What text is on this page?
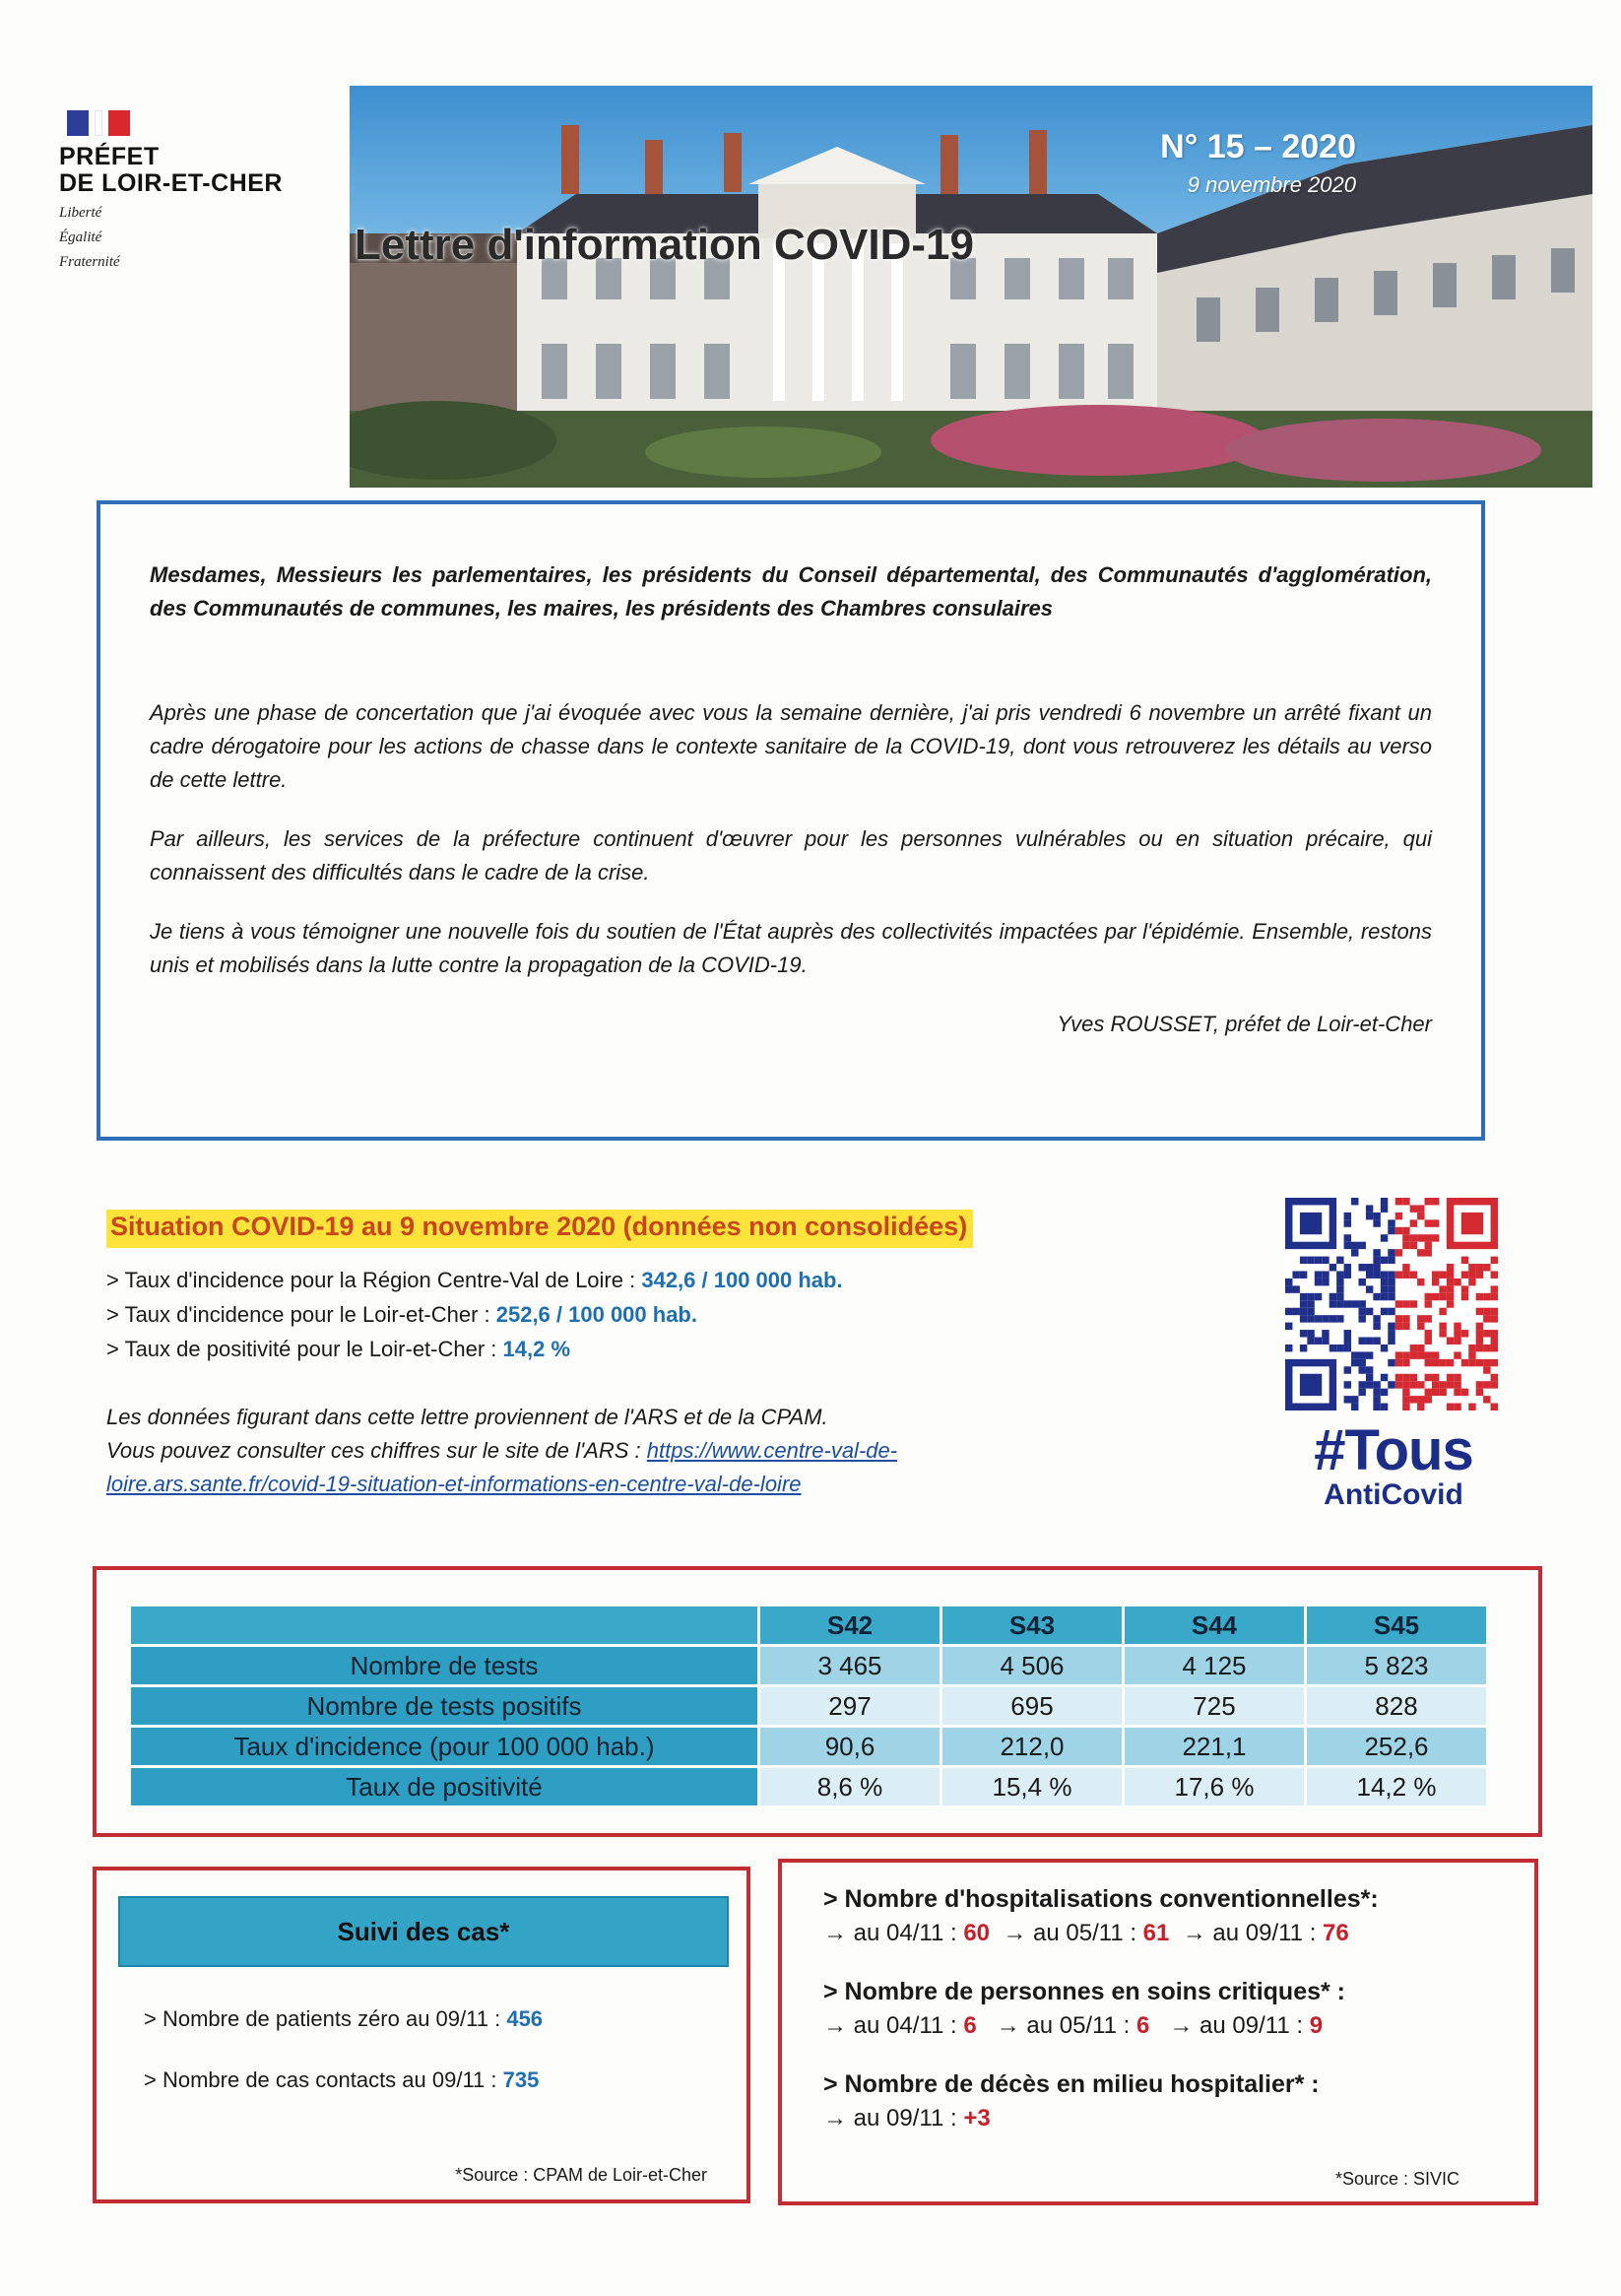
PRÉFET
DE LOIR-ET-CHER
Liberté
Égalité
Fraternité
N° 15 – 2020
9 novembre 2020
Lettre d'information COVID-19
Mesdames, Messieurs les parlementaires, les présidents du Conseil départemental, des Communautés d'agglomération, des Communautés de communes, les maires, les présidents des Chambres consulaires

Après une phase de concertation que j'ai évoquée avec vous la semaine dernière, j'ai pris vendredi 6 novembre un arrêté fixant un cadre dérogatoire pour les actions de chasse dans le contexte sanitaire de la COVID-19, dont vous retrouverez les détails au verso de cette lettre.

Par ailleurs, les services de la préfecture continuent d'œuvrer pour les personnes vulnérables ou en situation précaire, qui connaissent des difficultés dans le cadre de la crise.

Je tiens à vous témoigner une nouvelle fois du soutien de l'État auprès des collectivités impactées par l'épidémie. Ensemble, restons unis et mobilisés dans la lutte contre la propagation de la COVID-19.

Yves ROUSSET, préfet de Loir-et-Cher
Situation COVID-19 au 9 novembre 2020 (données non consolidées)
> Taux d'incidence pour la Région Centre-Val de Loire : 342,6 / 100 000 hab.
> Taux d'incidence pour le Loir-et-Cher : 252,6 / 100 000 hab.
> Taux de positivité pour le Loir-et-Cher : 14,2 %
Les données figurant dans cette lettre proviennent de l'ARS et de la CPAM.
Vous pouvez consulter ces chiffres sur le site de l'ARS : https://www.centre-val-de-loire.ars.sante.fr/covid-19-situation-et-informations-en-centre-val-de-loire
#Tous
AntiCovid
	S42	S43	S44	S45
Nombre de tests	3 465	4 506	4 125	5 823
Nombre de tests positifs	297	695	725	828
Taux d'incidence (pour 100 000 hab.)	90,6	212,0	221,1	252,6
Taux de positivité	8,6 %	15,4 %	17,6 %	14,2 %
Suivi des cas*
> Nombre de patients zéro au 09/11 : 456
> Nombre de cas contacts au 09/11 : 735
*Source : CPAM de Loir-et-Cher
> Nombre d'hospitalisations conventionnelles*:
→ au 04/11 : 60 → au 05/11 : 61 → au 09/11 : 76
> Nombre de personnes en soins critiques* :
→ au 04/11 : 6 → au 05/11 : 6 → au 09/11 : 9
> Nombre de décès en milieu hospitalier* :
→ au 09/11 : +3
*Source : SIVIC
